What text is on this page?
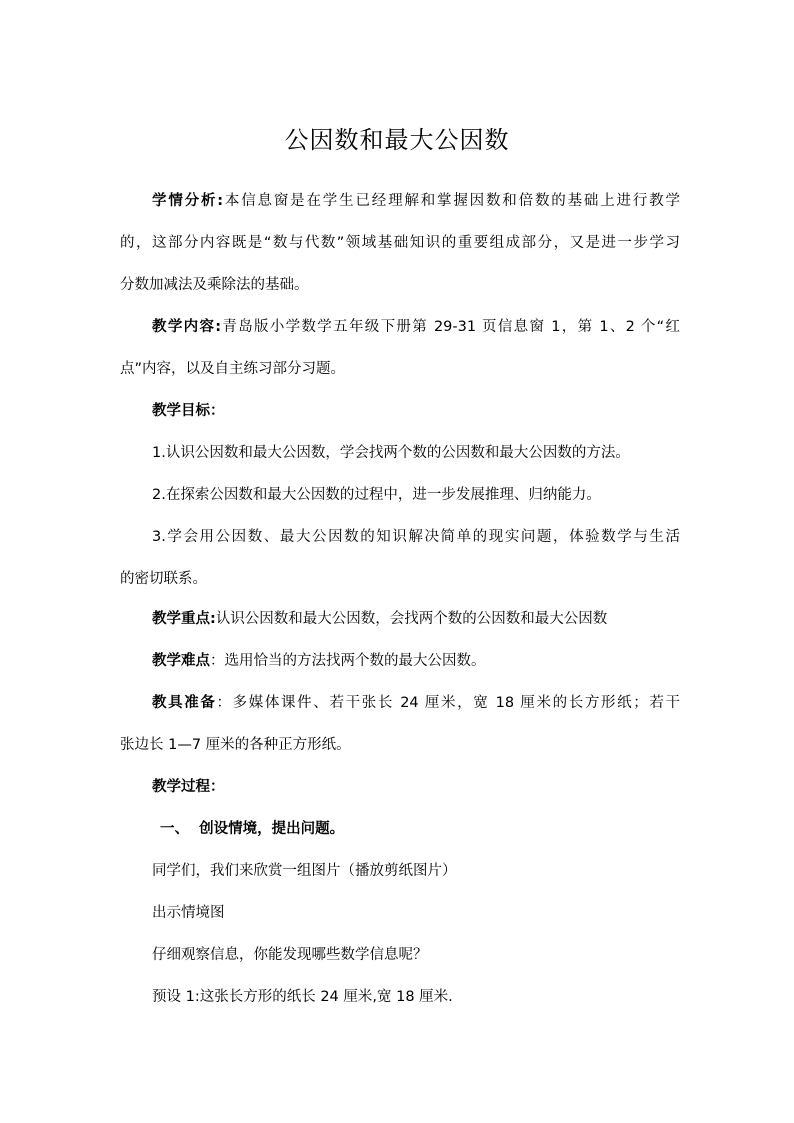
公因数和最大公因数
学情分析:本信息窗是在学生已经理解和掌握因数和倍数的基础上进行教学
的，这部分内容既是“数与代数”领域基础知识的重要组成部分，又是进一步学习
分数加减法及乘除法的基础。
教学内容:青岛版小学数学五年级下册第 29-31 页信息窗 1，第 1、2 个“红
点”内容，以及自主练习部分习题。
教学目标：
1.认识公因数和最大公因数，学会找两个数的公因数和最大公因数的方法。
2.在探索公因数和最大公因数的过程中，进一步发展推理、归纳能力。
3.学会用公因数、最大公因数的知识解决简单的现实问题，体验数学与生活
的密切联系。
教学重点:认识公因数和最大公因数，会找两个数的公因数和最大公因数
教学难点：选用恰当的方法找两个数的最大公因数。
教具准备：多媒体课件、若干张长 24 厘米，宽 18 厘米的长方形纸；若干
张边长 1—7 厘米的各种正方形纸。
教学过程：
一、  创设情境，提出问题。
同学们，我们来欣赏一组图片（播放剪纸图片）
出示情境图
仔细观察信息，你能发现哪些数学信息呢？
预设 1:这张长方形的纸长 24 厘米,宽 18 厘米.
